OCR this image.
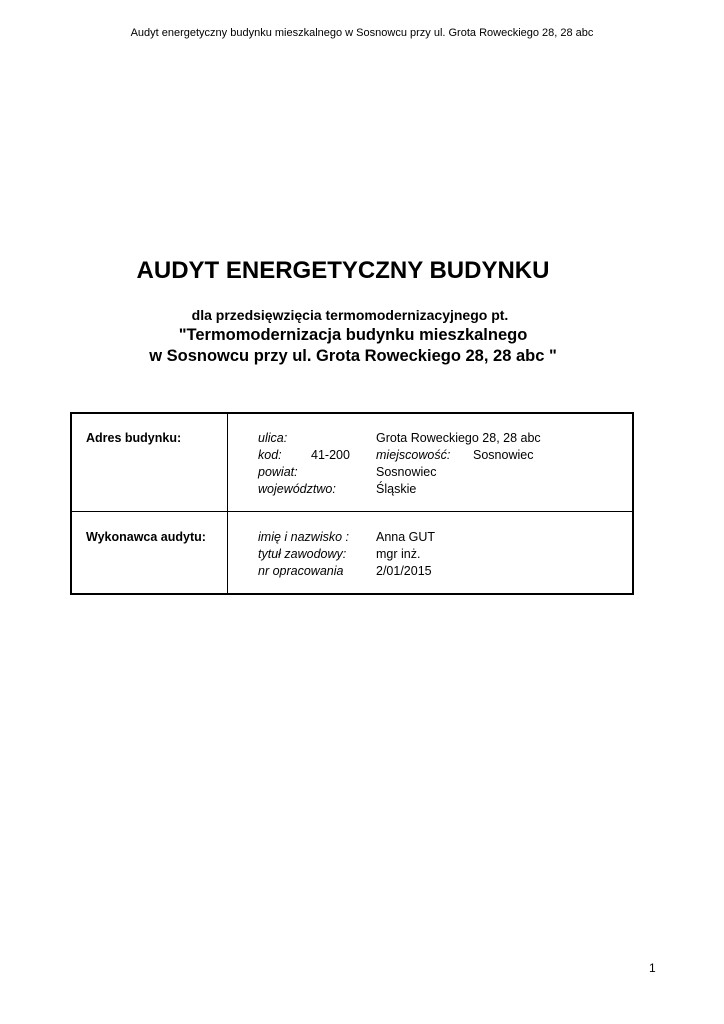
Audyt energetyczny budynku mieszkalnego w Sosnowcu przy ul. Grota Roweckiego 28, 28 abc
AUDYT ENERGETYCZNY BUDYNKU
dla przedsięwzięcia termomodernizacyjnego pt.
"Termomodernizacja budynku mieszkalnego
w Sosnowcu przy ul. Grota Roweckiego 28, 28 abc "
Adres budynku:	ulica:	Grota Roweckiego 28, 28 abc
kod: 41-200 miejscowość: Sosnowiec
powiat:	Sosnowiec
województwo:	Śląskie
Wykonawca audytu:	imię i nazwisko : Anna GUT
tytuł zawodowy: mgr inż.
nr opracowania	2/01/2015
1
